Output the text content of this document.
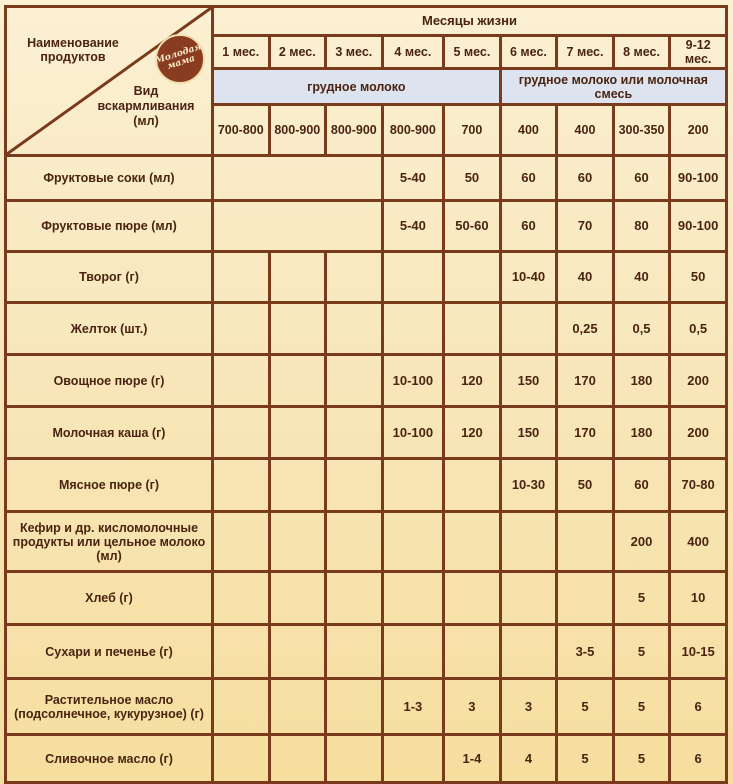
Наименование продуктов Молодая мама
Вид вскармливания (мл)	Месяцы жизни								
	1 мес.	2 мес.	3 мес.	4 мес.	5 мес.	6 мес.	7 мес.	8 мес.	9-12 мес.
	грудное молоко					грудное молоко или молочная смесь			
	700-800	800-900	800-900	800-900	700	400	400	300-350	200
Фруктовые соки (мл)				5-40	50	60	60	60	90-100
Фруктовые пюре (мл)				5-40	50-60	60	70	80	90-100
Творог (г)						10-40	40	40	50
Желток (шт.)							0,25	0,5	0,5
Овощное пюре (г)				10-100	120	150	170	180	200
Молочная каша (г)				10-100	120	150	170	180	200
Мясное пюре (г)						10-30	50	60	70-80
Кефир и др. кисломолочные продукты или цельное молоко (мл)								200	400
Хлеб (г)								5	10
Сухари и печенье (г)							3-5	5	10-15
Растительное масло (подсолнечное, кукурузное) (г)				1-3	3	3	5	5	6
Сливочное масло (г)					1-4	4	5	5	6
